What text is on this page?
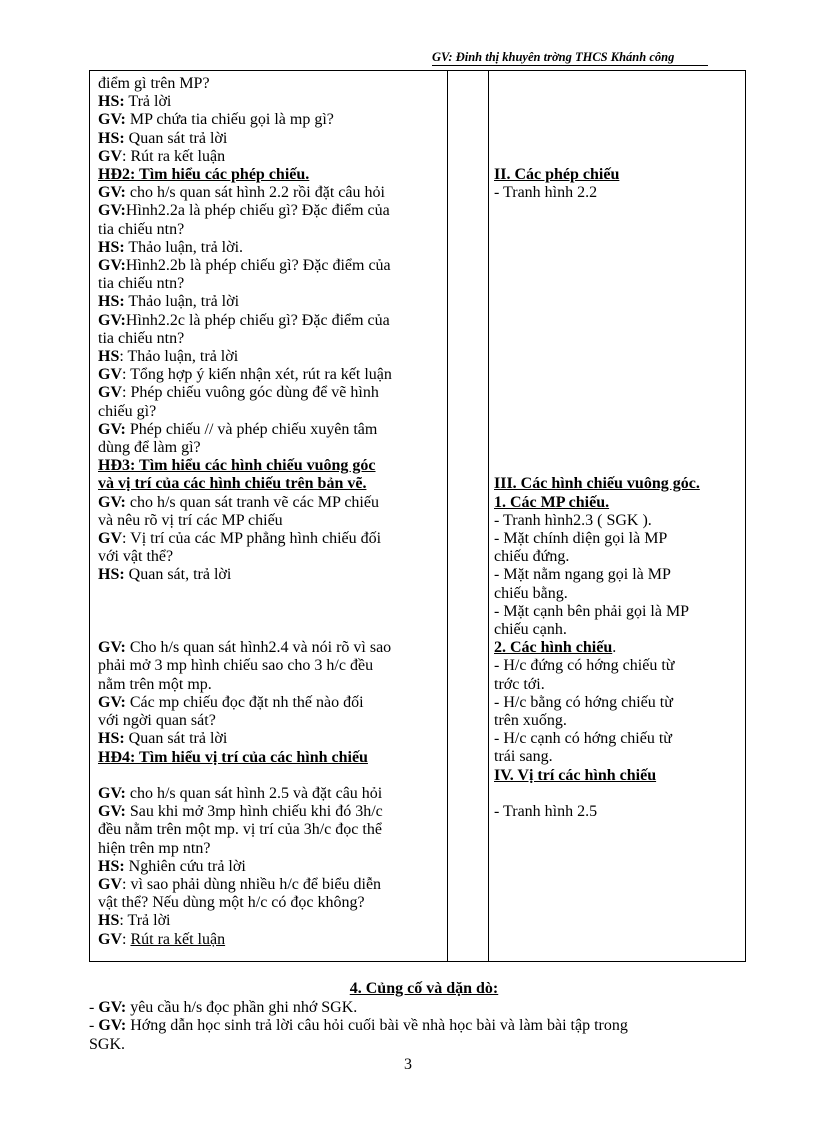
GV: Đinh thị khuyên trờng THCS Khánh công

điểm gì trên MP?

HS: Trả lời

GV: MP chứa tia chiếu gọi là mp gì?

HS: Quan sát trả lời

GV: Rút ra kết luận

HĐ2: Tìm hiểu các phép chiếu.

GV: cho h/s quan sát hình 2.2 rồi đặt câu hỏi

GV:Hình2.2a là phép chiếu gì? Đặc điểm của

tia chiếu ntn?

HS: Thảo luận, trả lời.

GV:Hình2.2b là phép chiếu gì? Đặc điểm của

tia chiếu ntn?

HS: Thảo luận, trả lời

GV:Hình2.2c là phép chiếu gì? Đặc điểm của

tia chiếu ntn?

HS: Thảo luận, trả lời

GV: Tổng hợp ý kiến nhận xét, rút ra kết luận

GV: Phép chiếu vuông góc dùng để vẽ hình

chiếu gì?

GV: Phép chiếu // và phép chiếu xuyên tâm

dùng để làm gì?

HĐ3: Tìm hiểu các hình chiếu vuông góc

và vị trí của các hình chiếu trên bản vẽ.

GV: cho h/s quan sát tranh vẽ các MP chiếu

và nêu rõ vị trí các MP chiếu

GV: Vị trí của các MP phẳng hình chiếu đối

với vật thể?

HS: Quan sát, trả lời

GV: Cho h/s quan sát hình2.4 và nói rõ vì sao

phải mở 3 mp hình chiếu sao cho 3 h/c đều

nằm trên một mp.

GV: Các mp chiếu đọc đặt nh thế nào đối

với ngời quan sát?

HS: Quan sát trả lời

HĐ4: Tìm hiểu vị trí của các hình chiếu

GV: cho h/s quan sát hình 2.5 và đặt câu hỏi

GV: Sau khi mở 3mp hình chiếu khi đó 3h/c

đều nằm trên một mp. vị trí của 3h/c đọc thể

hiện trên mp ntn?

HS: Nghiên cứu trả lời

GV: vì sao phải dùng nhiều h/c để biểu diễn

vật thể? Nếu dùng một h/c có đọc không?

HS: Trả lời

GV: Rút ra kết luận

II. Các phép chiếu

- Tranh hình 2.2

III. Các hình chiếu vuông góc.

1. Các MP chiếu.

- Tranh hình2.3 ( SGK ).

- Mặt chính diện gọi là MP

chiếu đứng.

- Mặt nằm ngang gọi là MP

chiếu bằng.

- Mặt cạnh bên phải gọi là MP

chiếu cạnh.

2. Các hình chiếu.

- H/c đứng có hớng chiếu từ

trớc tới.

- H/c bằng có hớng chiếu từ

trên xuống.

- H/c cạnh có hớng chiếu từ

trái sang.

IV. Vị trí các hình chiếu

- Tranh hình 2.5

4. Củng cố và dặn dò:

- GV: yêu cầu h/s đọc phần ghi nhớ SGK.

- GV: Hớng dẫn học sinh trả lời câu hỏi cuối bài về nhà học bài và làm bài tập trong

SGK.

3
